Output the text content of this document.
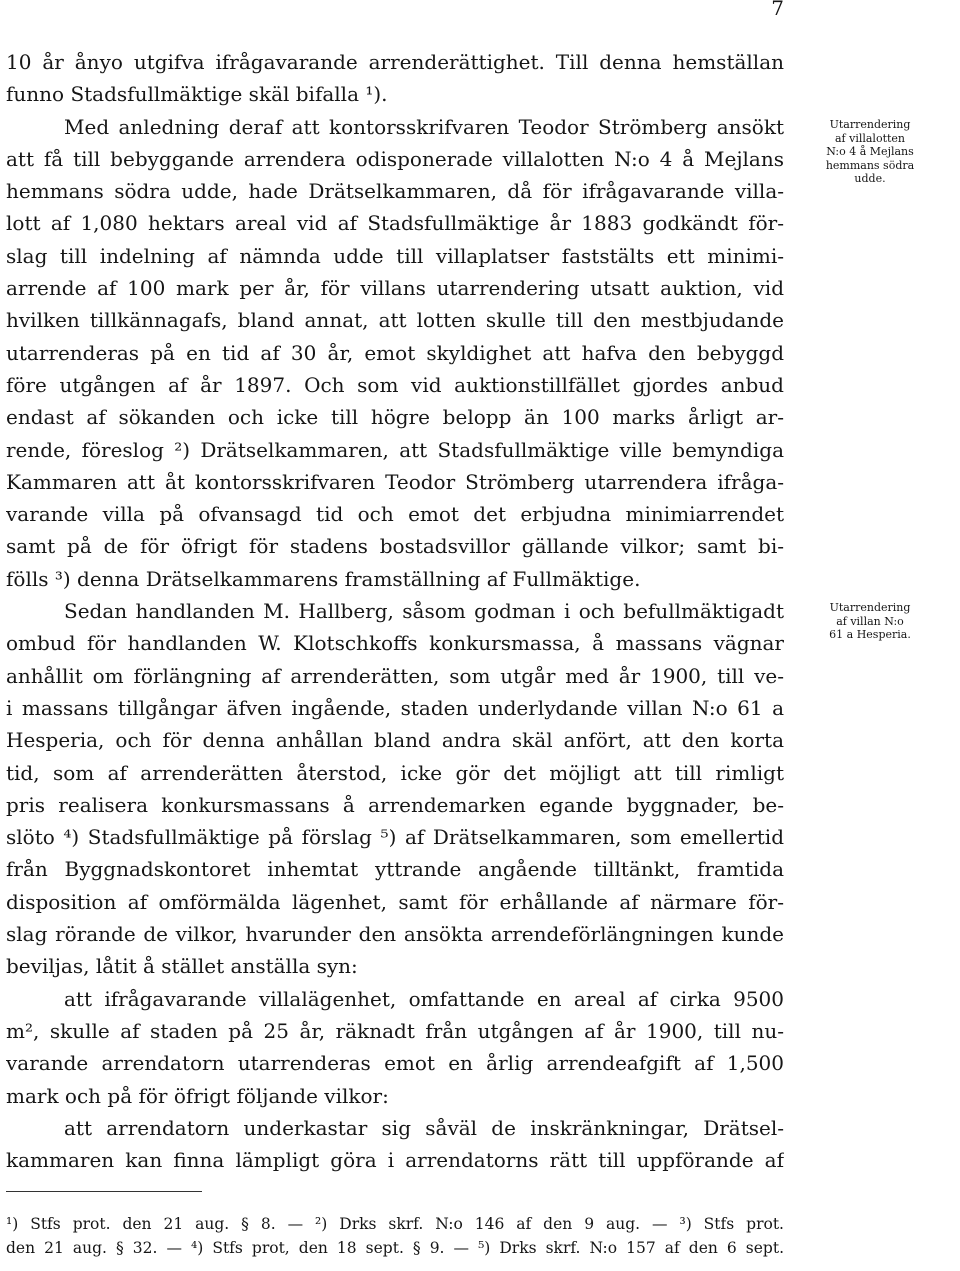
7
10 år ånyo utgifva ifrågavarande arrenderättighet. Till denna hemställan
funno Stadsfullmäktige skäl bifalla ¹).
Med anledning deraf att kontorsskrifvaren Teodor Strömberg ansökt
att få till bebyggande arrendera odisponerade villalotten N:o 4 å Mejlans
hemmans södra udde, hade Drätselkammaren, då för ifrågavarande villa-
lott af 1,080 hektars areal vid af Stadsfullmäktige år 1883 godkändt för-
slag till indelning af nämnda udde till villaplatser faststälts ett minimi-
arrende af 100 mark per år, för villans utarrendering utsatt auktion, vid
hvilken tillkännagafs, bland annat, att lotten skulle till den mestbjudande
utarrenderas på en tid af 30 år, emot skyldighet att hafva den bebyggd
före utgången af år 1897. Och som vid auktionstillfället gjordes anbud
endast af sökanden och icke till högre belopp än 100 marks årligt ar-
rende, föreslog ²) Drätselkammaren, att Stadsfullmäktige ville bemyndiga
Kammaren att åt kontorsskrifvaren Teodor Strömberg utarrendera ifråga-
varande villa på ofvansagd tid och emot det erbjudna minimiarrendet
samt på de för öfrigt för stadens bostadsvillor gällande vilkor; samt bi-
fölls ³) denna Drätselkammarens framställning af Fullmäktige.
Sedan handlanden M. Hallberg, såsom godman i och befullmäktigadt
ombud för handlanden W. Klotschkoffs konkursmassa, å massans vägnar
anhållit om förlängning af arrenderätten, som utgår med år 1900, till ve-
i massans tillgångar äfven ingående, staden underlydande villan N:o 61 a
Hesperia, och för denna anhållan bland andra skäl anfört, att den korta
tid, som af arrenderätten återstod, icke gör det möjligt att till rimligt
pris realisera konkursmassans å arrendemarken egande byggnader, be-
slöto ⁴) Stadsfullmäktige på förslag ⁵) af Drätselkammaren, som emellertid
från Byggnadskontoret inhemtat yttrande angående tilltänkt, framtida
disposition af omförmälda lägenhet, samt för erhållande af närmare för-
slag rörande de vilkor, hvarunder den ansökta arrendeförlängningen kunde
beviljas, låtit å stället anställa syn:
att ifrågavarande villalägenhet, omfattande en areal af cirka 9500
m², skulle af staden på 25 år, räknadt från utgången af år 1900, till nu-
varande arrendatorn utarrenderas emot en årlig arrendeafgift af 1,500
mark och på för öfrigt följande vilkor:
att arrendatorn underkastar sig såväl de inskränkningar, Drätsel-
kammaren kan finna lämpligt göra i arrendatorns rätt till uppförande af
Utarrendering
af villalotten
N:o 4 å Mejlans
hemmans södra
udde.
Utarrendering
af villan N:o
61 a Hesperia.
¹) Stfs prot. den 21 aug. § 8. — ²) Drks skrf. N:o 146 af den 9 aug. — ³) Stfs prot.
den 21 aug. § 32. — ⁴) Stfs prot, den 18 sept. § 9. — ⁵) Drks skrf. N:o 157 af den 6 sept.
